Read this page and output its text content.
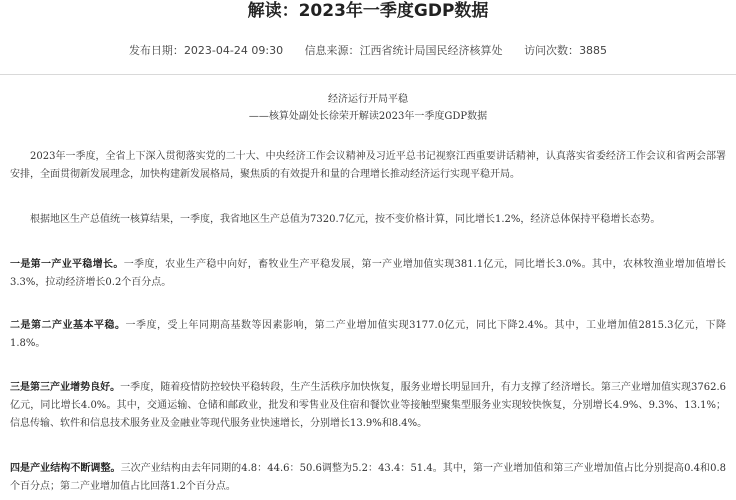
解读：2023年一季度GDP数据
发布日期：2023-04-24 09:30 信息来源：江西省统计局国民经济核算处 访问次数：3885
经济运行开局平稳
——核算处副处长徐荣开解读2023年一季度GDP数据

2023年一季度，全省上下深入贯彻落实党的二十大、中央经济工作会议精神及习近平总书记视察江西重要讲话精神，认真落实省委经济工作会议和省两会部署安排，全面贯彻新发展理念，加快构建新发展格局，聚焦质的有效提升和量的合理增长推动经济运行实现平稳开局。

根据地区生产总值统一核算结果，一季度，我省地区生产总值为7320.7亿元，按不变价格计算，同比增长1.2%，经济总体保持平稳增长态势。

一是第一产业平稳增长。一季度，农业生产稳中向好，畜牧业生产平稳发展，第一产业增加值实现381.1亿元，同比增长3.0%。其中，农林牧渔业增加值增长3.3%，拉动经济增长0.2个百分点。

二是第二产业基本平稳。一季度，受上年同期高基数等因素影响，第二产业增加值实现3177.0亿元，同比下降2.4%。其中，工业增加值2815.3亿元，下降1.8%。

三是第三产业增势良好。一季度，随着疫情防控较快平稳转段，生产生活秩序加快恢复，服务业增长明显回升，有力支撑了经济增长。第三产业增加值实现3762.6亿元，同比增长4.0%。其中，交通运输、仓储和邮政业，批发和零售业及住宿和餐饮业等接触型聚集型服务业实现较快恢复，分别增长4.9%、9.3%、13.1%；信息传输、软件和信息技术服务业及金融业等现代服务业快速增长，分别增长13.9%和8.4%。

四是产业结构不断调整。三次产业结构由去年同期的4.8：44.6：50.6调整为5.2：43.4：51.4。其中，第一产业增加值和第三产业增加值占比分别提高0.4和0.8个百分点；第二产业增加值占比回落1.2个百分点。
